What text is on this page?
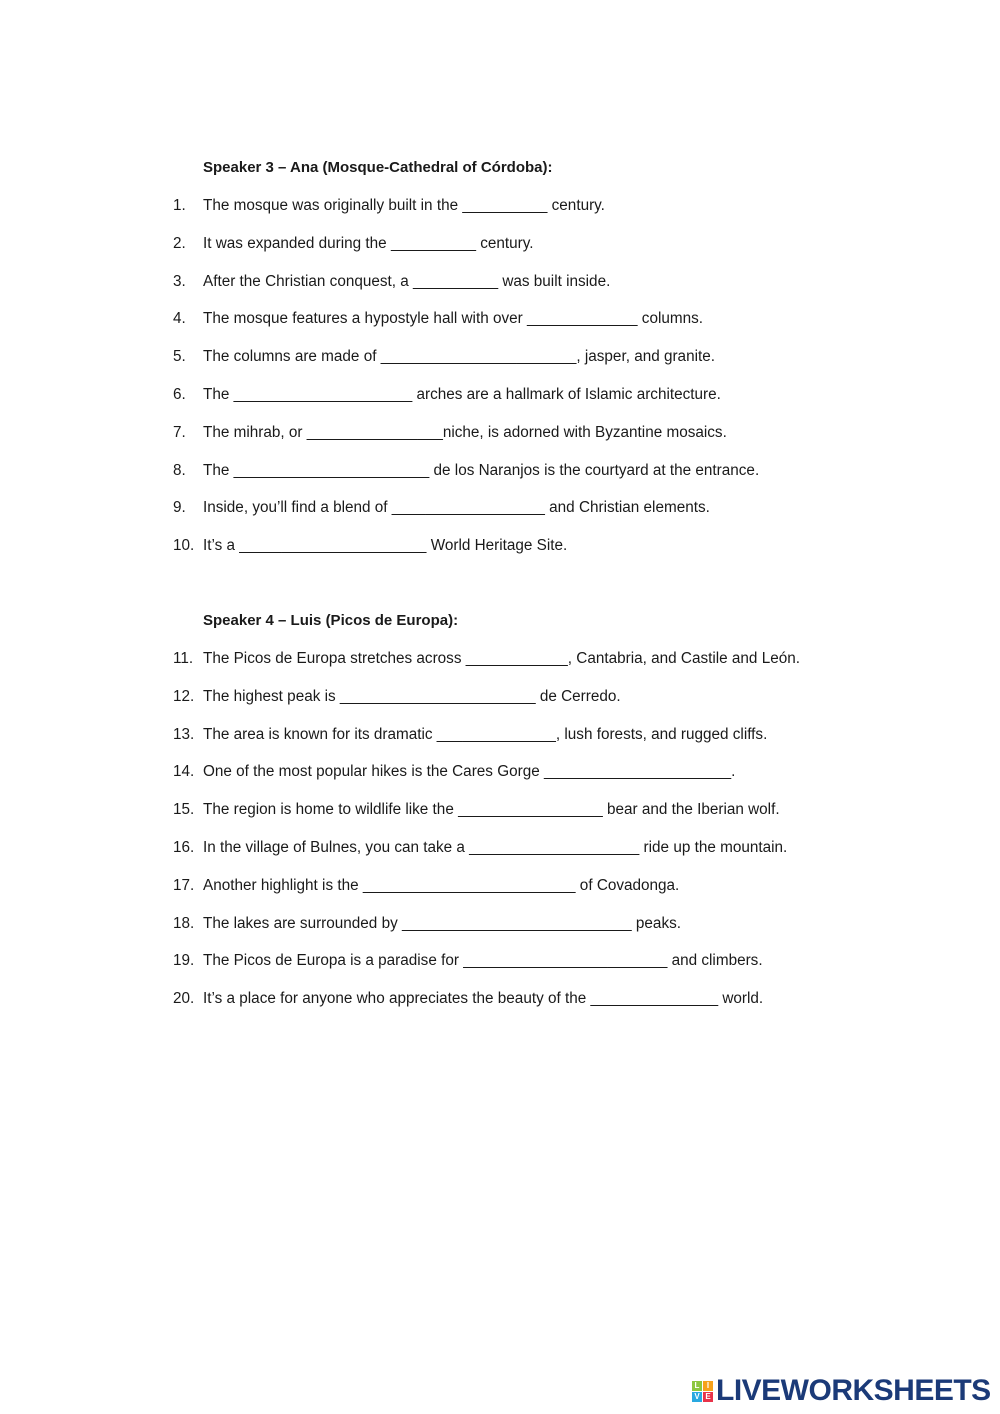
Speaker 3 – Ana (Mosque-Cathedral of Córdoba):
1.	The mosque was originally built in the __________ century.
2.	It was expanded during the __________ century.
3.	After the Christian conquest, a __________ was built inside.
4.	The mosque features a hypostyle hall with over _____________ columns.
5.	The columns are made of _______________________, jasper, and granite.
6.	The _____________________ arches are a hallmark of Islamic architecture.
7.	The mihrab, or ________________niche, is adorned with Byzantine mosaics.
8.	The _______________________ de los Naranjos is the courtyard at the entrance.
9.	Inside, you’ll find a blend of __________________ and Christian elements.
10. It’s a ______________________ World Heritage Site.
Speaker 4 – Luis (Picos de Europa):
11. The Picos de Europa stretches across ____________, Cantabria, and Castile and León.
12. The highest peak is _______________________ de Cerredo.
13. The area is known for its dramatic ______________, lush forests, and rugged cliffs.
14. One of the most popular hikes is the Cares Gorge ______________________.
15. The region is home to wildlife like the _________________ bear and the Iberian wolf.
16. In the village of Bulnes, you can take a ____________________ ride up the mountain.
17. Another highlight is the _________________________ of Covadonga.
18. The lakes are surrounded by ___________________________ peaks.
19. The Picos de Europa is a paradise for ________________________ and climbers.
20. It’s a place for anyone who appreciates the beauty of the _______________ world.
L I
V E LIVEWORKSHEETS
